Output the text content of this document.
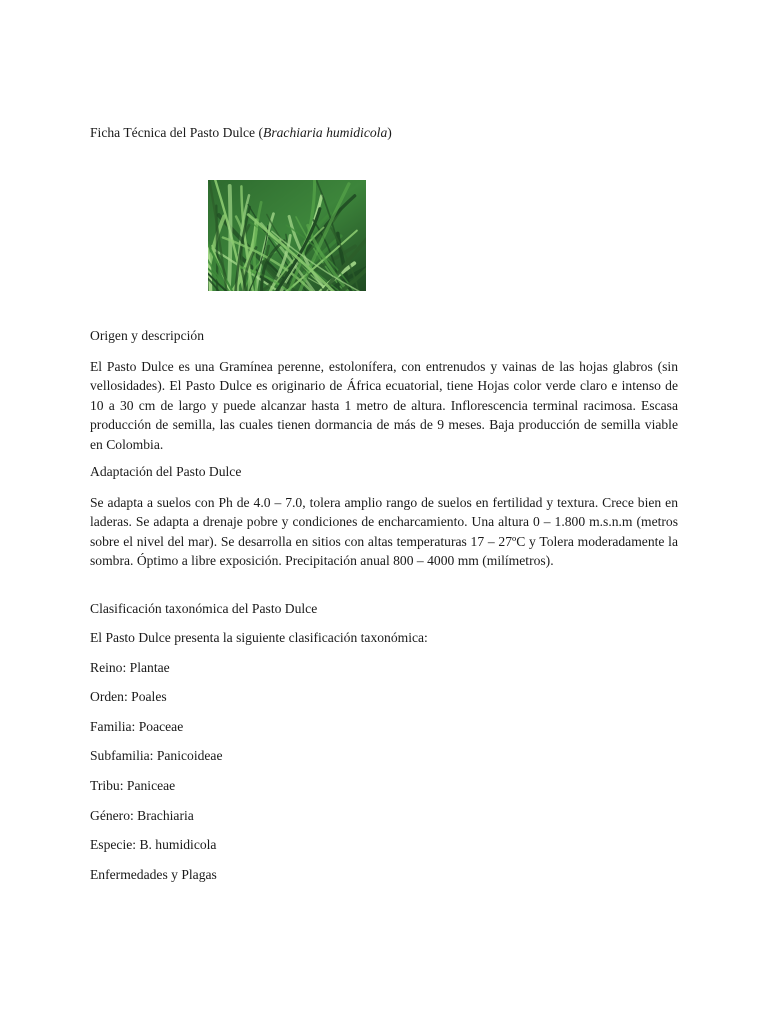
Ficha Técnica del Pasto Dulce (Brachiaria humidicola)
Origen y descripción

El Pasto Dulce es una Gramínea perenne, estolonífera, con entrenudos y vainas de las hojas glabros (sin vellosidades). El Pasto Dulce es originario de África ecuatorial, tiene Hojas color verde claro e intenso de 10 a 30 cm de largo y puede alcanzar hasta 1 metro de altura. Inflorescencia terminal racimosa. Escasa producción de semilla, las cuales tienen dormancia de más de 9 meses. Baja producción de semilla viable en Colombia.

Adaptación del Pasto Dulce

Se adapta a suelos con Ph de 4.0 – 7.0, tolera amplio rango de suelos en fertilidad y textura. Crece bien en laderas. Se adapta a drenaje pobre y condiciones de encharcamiento. Una altura 0 – 1.800 m.s.n.m (metros sobre el nivel del mar). Se desarrolla en sitios con altas temperaturas 17 – 27ºC y Tolera moderadamente la sombra. Óptimo a libre exposición. Precipitación anual 800 – 4000 mm (milímetros).

Clasificación taxonómica del Pasto Dulce

El Pasto Dulce presenta la siguiente clasificación taxonómica:

Reino: Plantae

Orden: Poales

Familia: Poaceae

Subfamilia: Panicoideae

Tribu: Paniceae

Género: Brachiaria

Especie: B. humidicola

Enfermedades y Plagas
